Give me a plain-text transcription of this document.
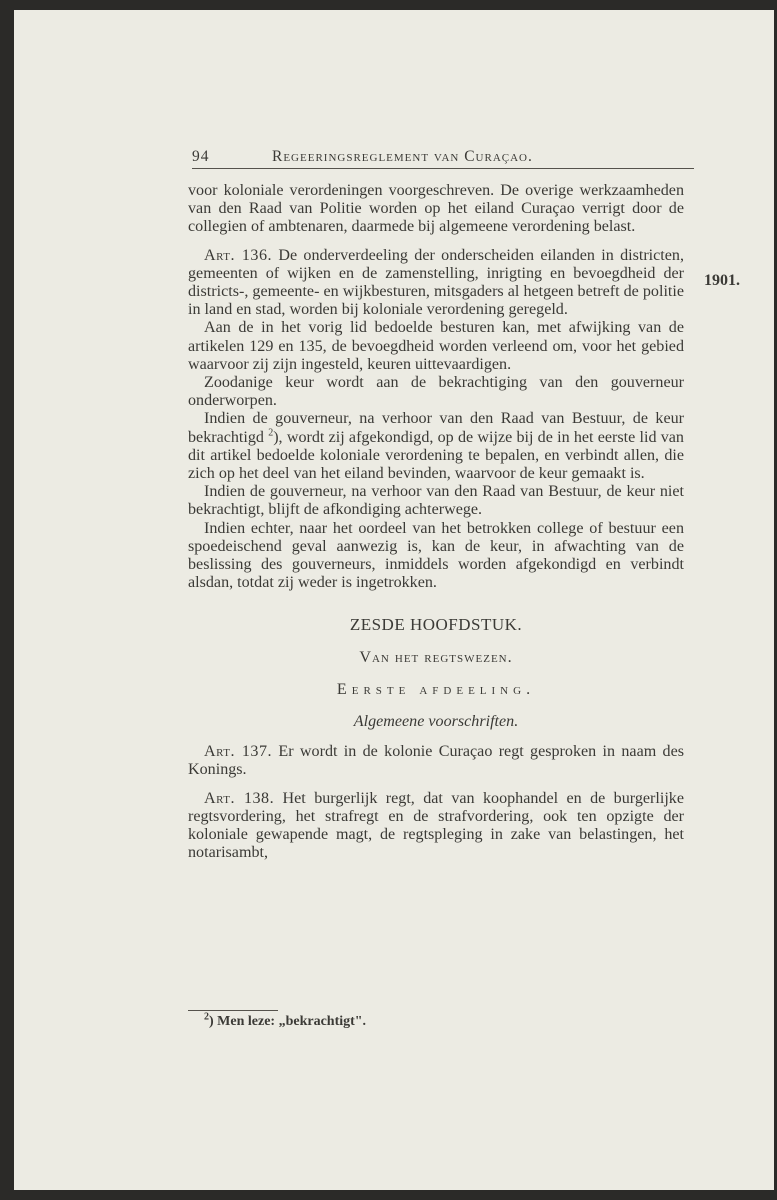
94	Regeeringsreglement van Curaçao.
1901.

voor koloniale verordeningen voorgeschreven. De overige werkzaamheden van den Raad van Politie worden op het eiland Curaçao verrigt door de collegien of ambtenaren, daarmede bij algemeene verordening belast.

Art. 136. De onderverdeeling der onderscheiden eilanden in districten, gemeenten of wijken en de zamenstelling, inrigting en bevoegdheid der districts-, gemeente- en wijkbesturen, mitsgaders al hetgeen betreft de politie in land en stad, worden bij koloniale verordening geregeld.

Aan de in het vorig lid bedoelde besturen kan, met afwijking van de artikelen 129 en 135, de bevoegdheid worden verleend om, voor het gebied waarvoor zij zijn ingesteld, keuren uittevaardigen.

Zoodanige keur wordt aan de bekrachtiging van den gouverneur onderworpen.

Indien de gouverneur, na verhoor van den Raad van Bestuur, de keur bekrachtigd $^2$), wordt zij afgekondigd, op de wijze bij de in het eerste lid van dit artikel bedoelde koloniale verordening te bepalen, en verbindt allen, die zich op het deel van het eiland bevinden, waarvoor de keur gemaakt is.

Indien de gouverneur, na verhoor van den Raad van Bestuur, de keur niet bekrachtigt, blijft de afkondiging achterwege.

Indien echter, naar het oordeel van het betrokken college of bestuur een spoedeischend geval aanwezig is, kan de keur, in afwachting van de beslissing des gouverneurs, inmiddels worden afgekondigd en verbindt alsdan, totdat zij weder is ingetrokken.

ZESDE HOOFDSTUK.

Van het regtswezen.

Eerste afdeeling.

Algemeene voorschriften.

Art. 137. Er wordt in de kolonie Curaçao regt gesproken in naam des Konings.

Art. 138. Het burgerlijk regt, dat van koophandel en de burgerlijke regtsvordering, het strafregt en de strafvordering, ook ten opzigte der koloniale gewapende magt, de regtspleging in zake van belastingen, het notarisambt,

$^2$) Men leze: „bekrachtigt".
